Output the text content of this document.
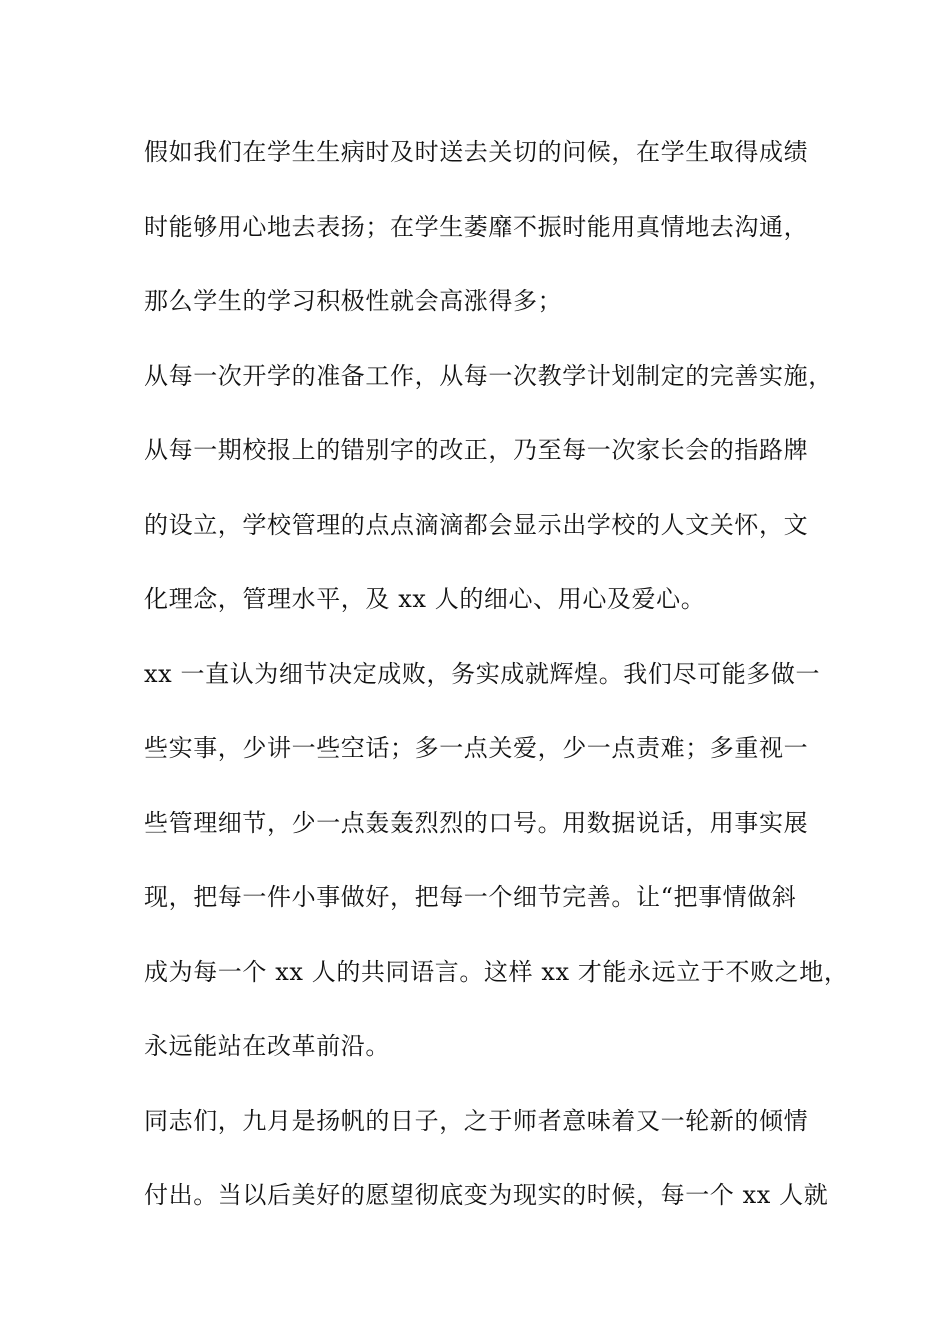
假如我们在学生生病时及时送去关切的问候，在学生取得成绩
时能够用心地去表扬；在学生萎靡不振时能用真情地去沟通，
那么学生的学习积极性就会高涨得多；
从每一次开学的准备工作，从每一次教学计划制定的完善实施，
从每一期校报上的错别字的改正，乃至每一次家长会的指路牌
的设立，学校管理的点点滴滴都会显示出学校的人文关怀，文
化理念，管理水平，及 xx 人的细心、用心及爱心。
xx 一直认为细节决定成败，务实成就辉煌。我们尽可能多做一
些实事，少讲一些空话；多一点关爱，少一点责难；多重视一
些管理细节，少一点轰轰烈烈的口号。用数据说话，用事实展
现，把每一件小事做好，把每一个细节完善。让“把事情做斜
成为每一个 xx 人的共同语言。这样 xx 才能永远立于不败之地，
永远能站在改革前沿。
同志们，九月是扬帆的日子，之于师者意味着又一轮新的倾情
付出。当以后美好的愿望彻底变为现实的时候，每一个 xx 人就
